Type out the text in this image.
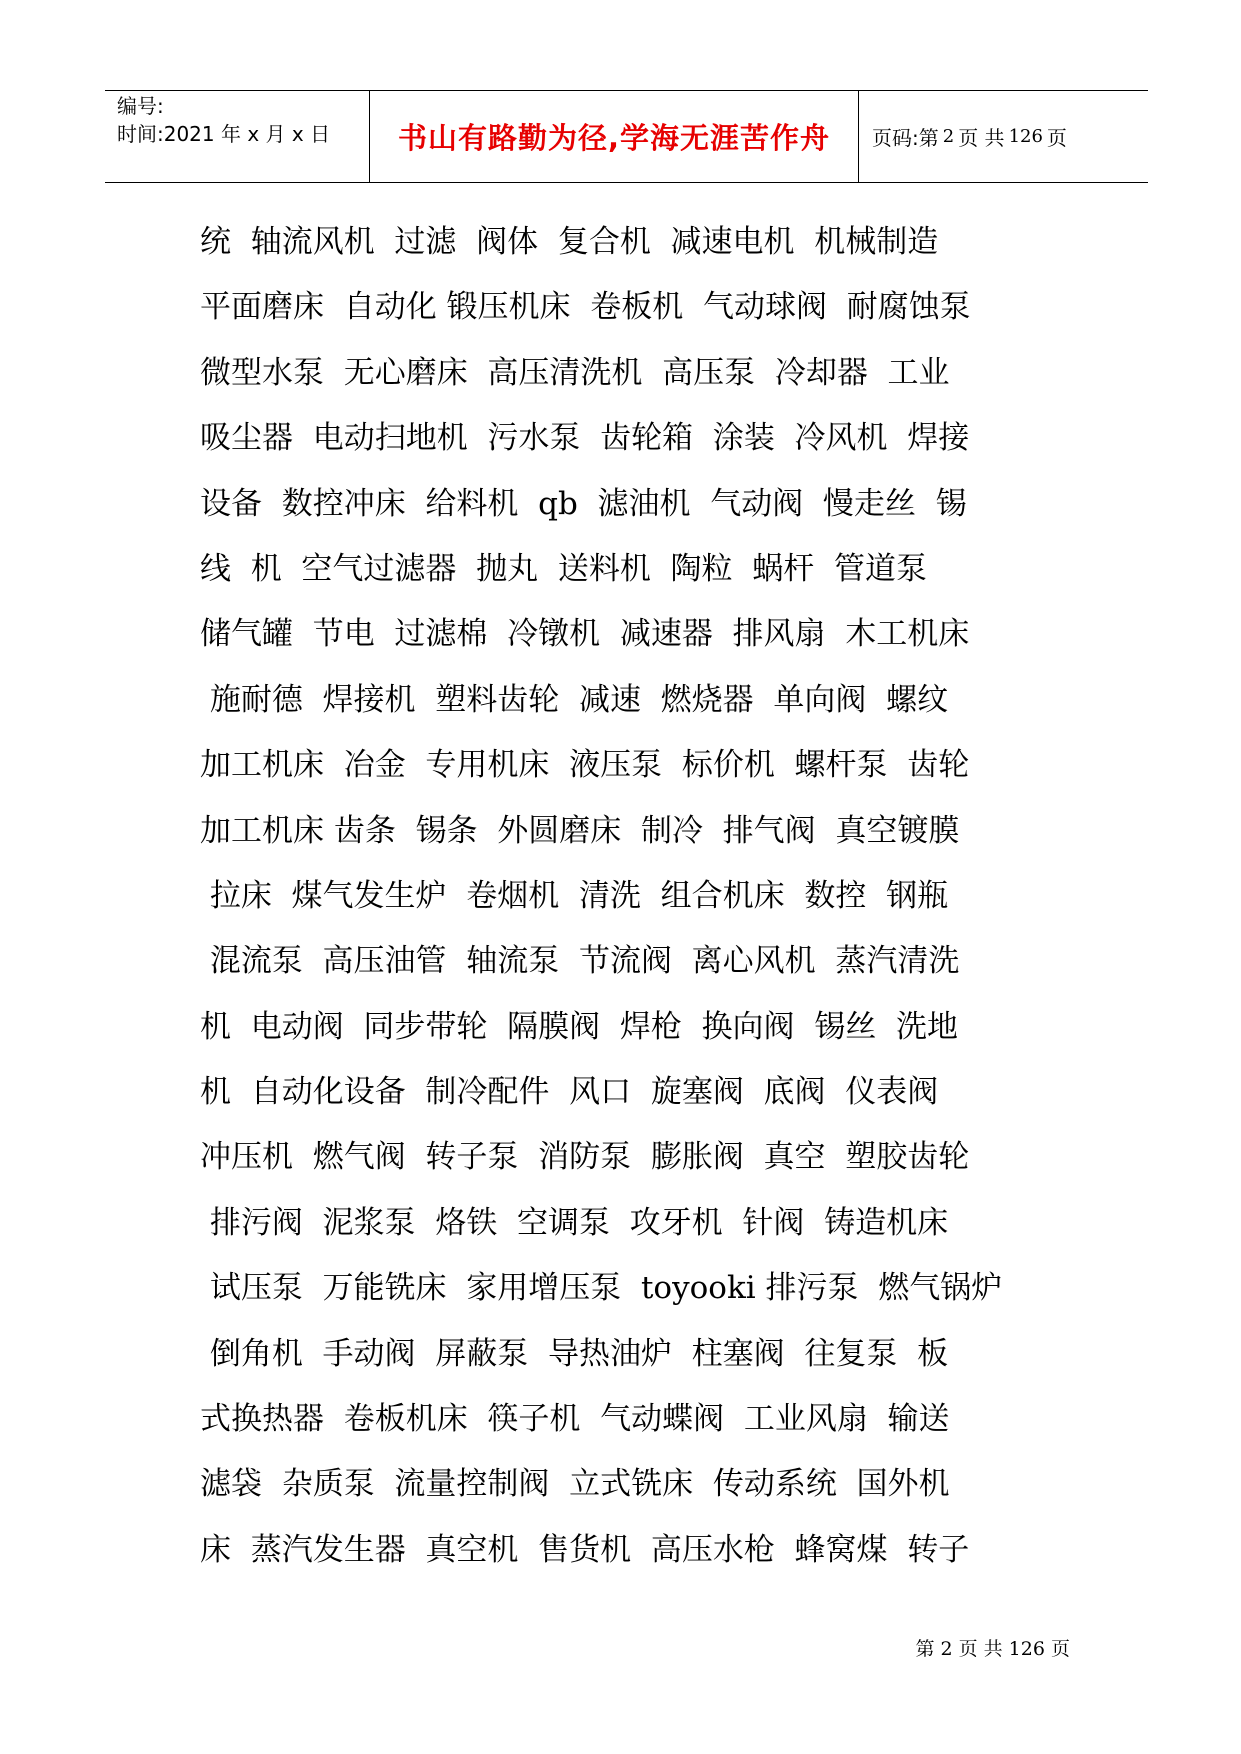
编号:
时间:2021 年 x 月 x 日	书山有路勤为径,学海无涯苦作舟	页码:第 2 页 共 126 页
统  轴流风机  过滤  阀体  复合机  减速电机  机械制造
平面磨床  自动化 锻压机床  卷板机  气动球阀  耐腐蚀泵
微型水泵  无心磨床  高压清洗机  高压泵  冷却器  工业
吸尘器  电动扫地机  污水泵  齿轮箱  涂装  冷风机  焊接
设备  数控冲床  给料机  qb  滤油机  气动阀  慢走丝  锡
线  机  空气过滤器  抛丸  送料机  陶粒  蜗杆  管道泵
储气罐  节电  过滤棉  冷镦机  减速器  排风扇  木工机床
施耐德  焊接机  塑料齿轮  减速  燃烧器  单向阀  螺纹
加工机床  冶金  专用机床  液压泵  标价机  螺杆泵  齿轮
加工机床 齿条  锡条  外圆磨床  制冷  排气阀  真空镀膜
拉床  煤气发生炉  卷烟机  清洗  组合机床  数控  钢瓶
混流泵  高压油管  轴流泵  节流阀  离心风机  蒸汽清洗
机  电动阀  同步带轮  隔膜阀  焊枪  换向阀  锡丝  洗地
机  自动化设备  制冷配件  风口  旋塞阀  底阀  仪表阀
冲压机  燃气阀  转子泵  消防泵  膨胀阀  真空  塑胶齿轮
排污阀  泥浆泵  烙铁  空调泵  攻牙机  针阀  铸造机床
试压泵  万能铣床  家用增压泵  toyooki 排污泵  燃气锅炉
倒角机  手动阀  屏蔽泵  导热油炉  柱塞阀  往复泵  板
式换热器  卷板机床  筷子机  气动蝶阀  工业风扇  输送
滤袋  杂质泵  流量控制阀  立式铣床  传动系统  国外机
床  蒸汽发生器  真空机  售货机  高压水枪  蜂窝煤  转子
第 2 页 共 126 页
